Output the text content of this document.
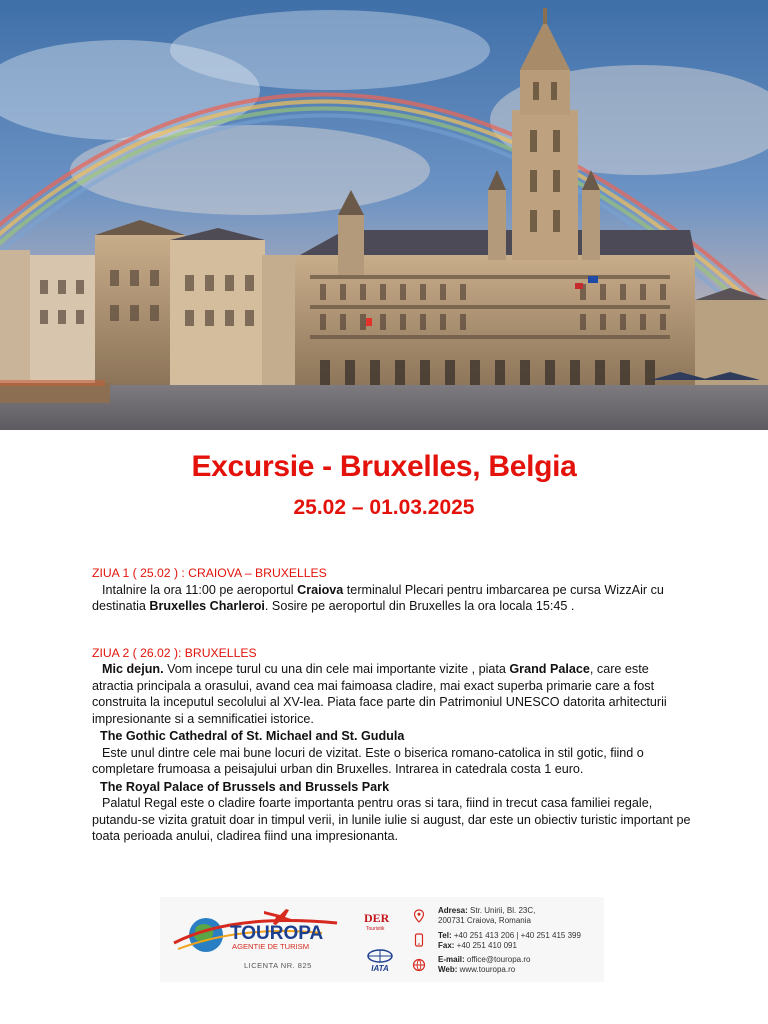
Excursie - Bruxelles, Belgia
25.02 – 01.03.2025
ZIUA 1 ( 25.02 ) : CRAIOVA – BRUXELLES
Intalnire la ora 11:00 pe aeroportul Craiova terminalul Plecari pentru imbarcarea pe cursa WizzAir cu destinatia Bruxelles Charleroi. Sosire pe aeroportul din Bruxelles la ora locala 15:45 .
ZIUA 2 ( 26.02 ): BRUXELLES
Mic dejun. Vom incepe turul cu una din cele mai importante vizite , piata Grand Palace, care este atractia principala a orasului, avand cea mai faimoasa cladire, mai exact superba primarie care a fost construita la inceputul secolului al XV-lea. Piata face parte din Patrimoniul UNESCO datorita arhitecturii impresionante si a semnificatiei istorice.
The Gothic Cathedral of St. Michael and St. Gudula
Este unul dintre cele mai bune locuri de vizitat. Este o biserica romano-catolica in stil gotic, fiind o completare frumoasa a peisajului urban din Bruxelles. Intrarea in catedrala costa 1 euro.
The Royal Palace of Brussels and Brussels Park
Palatul Regal este o cladire foarte importanta pentru oras si tara, fiind in trecut casa familiei regale, putandu-se vizita gratuit doar in timpul verii, in lunile iulie si august, dar este un obiectiv turistic important pe toata perioada anului, cladirea fiind una impresionanta.
TOUROPA
AGENTIE DE TURISM
LICENTA NR. 825
DER
Touristik
IATA
Adresa: Str. Unirii, Bl. 23C,
200731 Craiova, Romania
Tel: +40 251 413 206 | +40 251 415 399
Fax: +40 251 410 091
E-mail: office@touropa.ro
Web: www.touropa.ro
